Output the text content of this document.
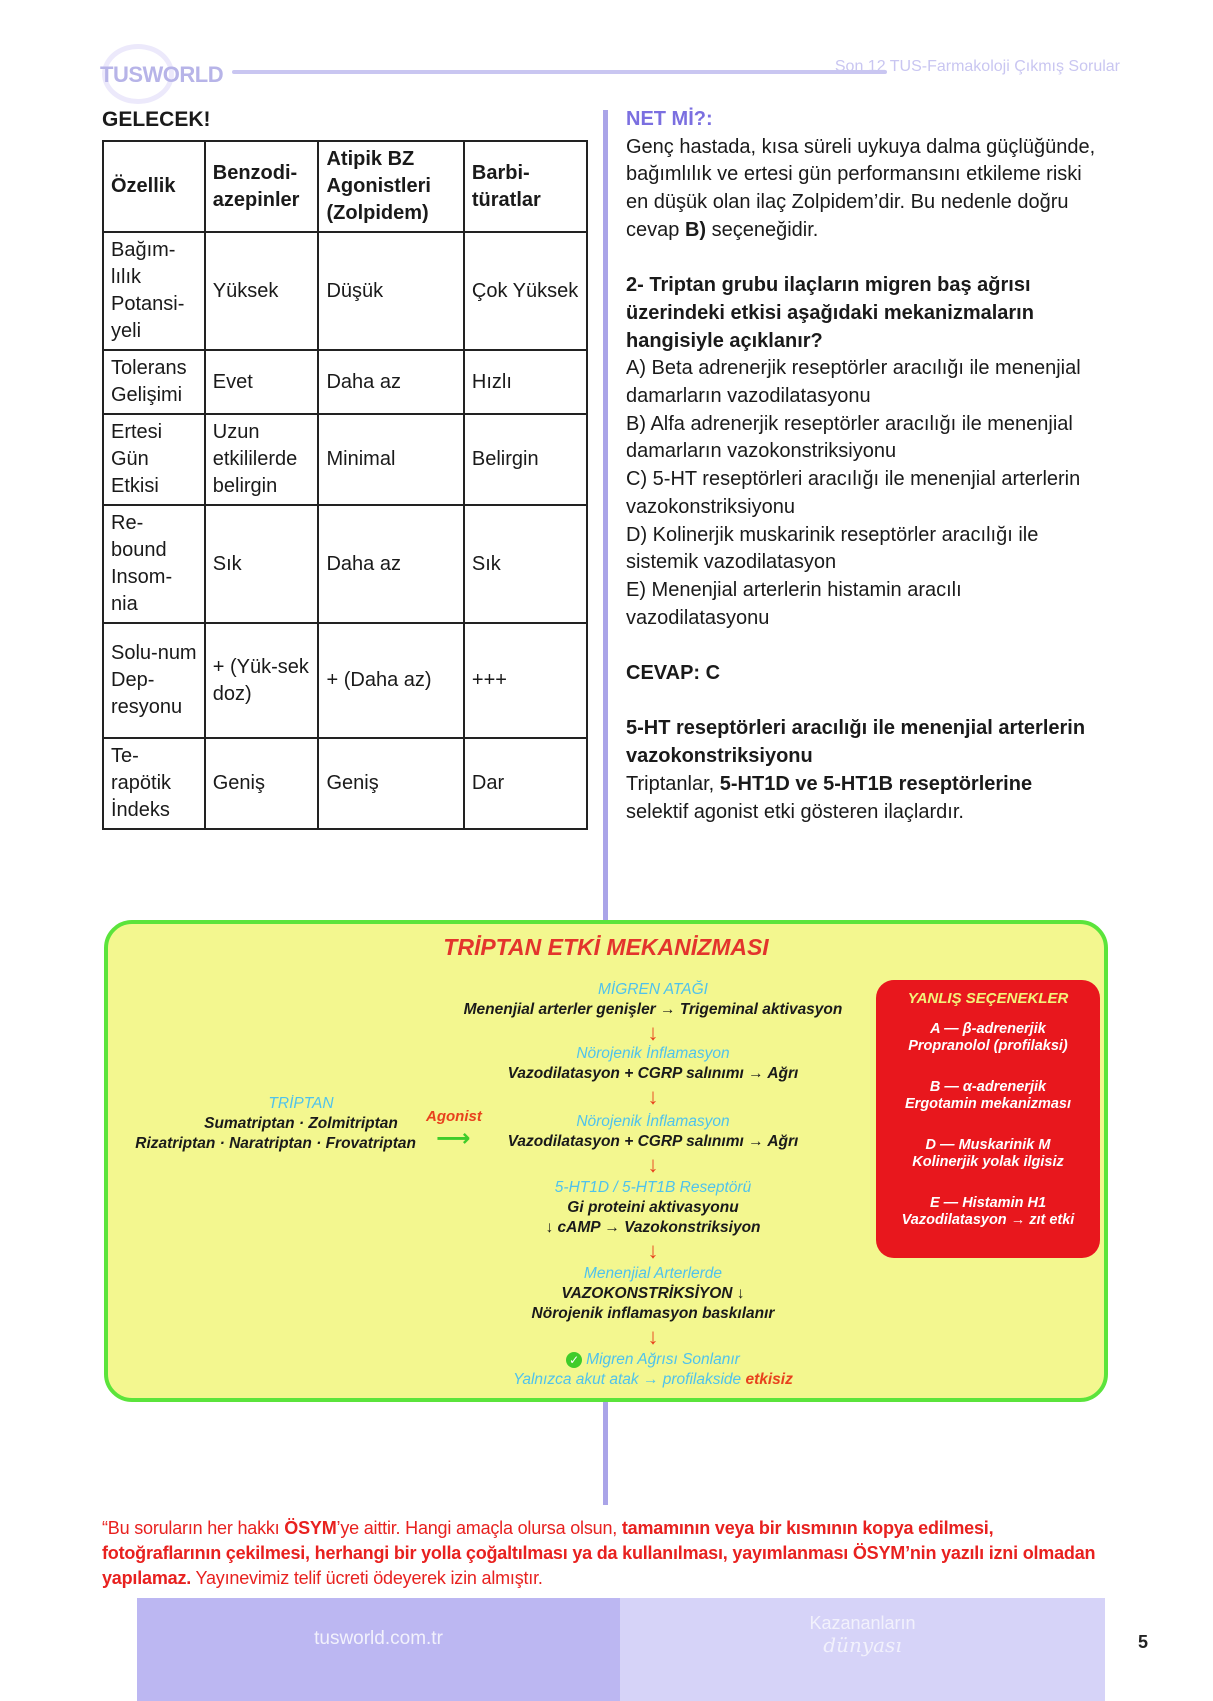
TUSWORLD	Son 12 TUS-Farmakoloji Çıkmış Sorular
GELECEK!
Özellik	Benzodi-azepinler	Atipik BZ Agonistleri (Zolpidem)	Barbi-türatlar
Bağım-lılık Potansi-yeli	Yüksek	Düşük	Çok Yüksek
Tolerans Gelişimi	Evet	Daha az	Hızlı
Ertesi Gün Etkisi	Uzun etkililerde belirgin	Minimal	Belirgin
Re-bound Insom-nia	Sık	Daha az	Sık
Solu-num Dep-resyonu	+ (Yük-sek doz)	+ (Daha az)	+++
Te-rapötik İndeks	Geniş	Geniş	Dar

NET Mİ?:

Genç hastada, kısa süreli uykuya dalma güçlüğünde, bağımlılık ve ertesi gün performansını etkileme riski en düşük olan ilaç Zolpidem’dir. Bu nedenle doğru cevap B) seçeneğidir.

2- Triptan grubu ilaçların migren baş ağrısı üzerindeki etkisi aşağıdaki mekanizmaların hangisiyle açıklanır?

A) Beta adrenerjik reseptörler aracılığı ile menenjial damarların vazodilatasyonu

B) Alfa adrenerjik reseptörler aracılığı ile menenjial damarların vazokonstriksiyonu

C) 5-HT reseptörleri aracılığı ile menenjial arterlerin vazokonstriksiyonu

D) Kolinerjik muskarinik reseptörler aracılığı ile sistemik vazodilatasyon

E) Menenjial arterlerin histamin aracılı vazodilatasyonu

CEVAP: C

5-HT reseptörleri aracılığı ile menenjial arterlerin vazokonstriksiyonu

Triptanlar, 5-HT1D ve 5-HT1B reseptörlerine selektif agonist etki gösteren ilaçlardır.

TRİPTAN ETKİ MEKANİZMASI
MİGREN ATAĞI
Menenjial arterler genişler → Trigeminal aktivasyon
↓
Nörojenik İnflamasyon
Vazodilatasyon + CGRP salınımı → Ağrı
↓
Nörojenik İnflamasyon
Vazodilatasyon + CGRP salınımı → Ağrı
↓
5-HT1D / 5-HT1B Reseptörü
Gi proteini aktivasyonu
↓ cAMP → Vazokonstriksiyon
↓
Menenjial Arterlerde
VAZOKONSTRİKSİYON ↓
Nörojenik inflamasyon baskılanır
↓
✓ Migren Ağrısı Sonlanır
Yalnızca akut atak → profilakside etkisiz
TRİPTAN
Sumatriptan · Zolmitriptan
Rizatriptan · Naratriptan · Frovatriptan
Agonist
⟶
YANLIŞ SEÇENEKLER
A — β-adrenerjik
Propranolol (profilaksi)
B — α-adrenerjik
Ergotamin mekanizması
D — Muskarinik M
Kolinerjik yolak ilgisiz
E — Histamin H1
Vazodilatasyon → zıt etki
“Bu soruların her hakkı ÖSYM’ye aittir. Hangi amaçla olursa olsun, tamamının veya bir kısmının kopya edilmesi, fotoğraflarının çekilmesi, herhangi bir yolla çoğaltılması ya da kullanılması, yayımlanması ÖSYM’nin yazılı izni olmadan yapılamaz. Yayınevimiz telif ücreti ödeyerek izin almıştır.
tusworld.com.tr
Kazananların
dünyası	5
